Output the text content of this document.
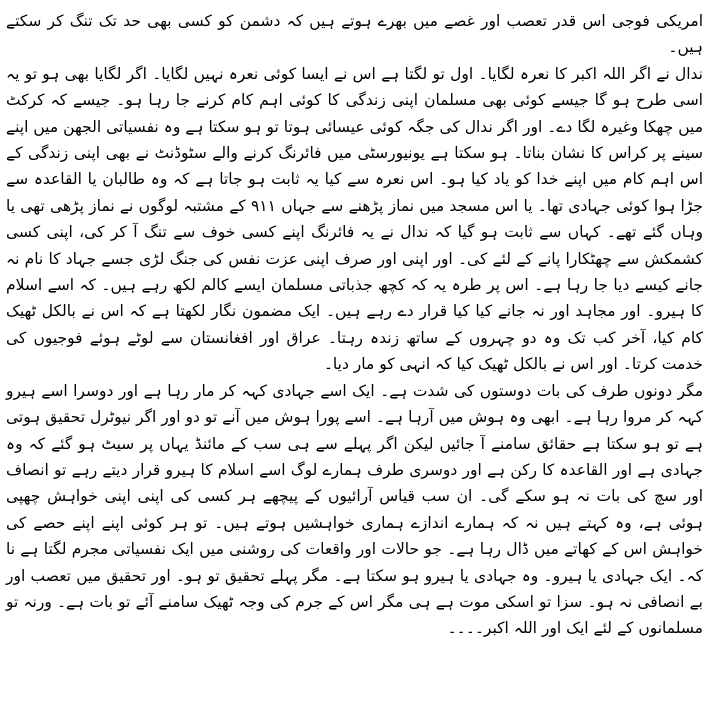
امریکی فوجی اس قدر تعصب اور غصے میں بھرے ہوتے ہیں کہ دشمن کو کسی بھی حد تک تنگ کر سکتے ہیں۔

ندال نے اگر اللہ اکبر کا نعرہ لگایا۔ اول تو لگتا ہے اس نے ایسا کوئی نعرہ نہیں لگایا۔ اگر لگایا بھی ہو تو یہ اسی طرح ہو گا جیسے کوئی بھی مسلمان اپنی زندگی کا کوئی اہم کام کرنے جا رہا ہو۔ جیسے کہ کرکٹ میں چھکا وغیرہ لگا دے۔ اور اگر ندال کی جگہ کوئی عیسائی ہوتا تو ہو سکتا ہے وہ نفسیاتی الجھن میں اپنے سینے پر کراس کا نشان بناتا۔ ہو سکتا ہے یونیورسٹی میں فائرنگ کرنے والے سٹوڈنٹ نے بھی اپنی زندگی کے اس اہم کام میں اپنے خدا کو یاد کیا ہو۔ اس نعرہ سے کیا یہ ثابت ہو جاتا ہے کہ وہ طالبان یا القاعدہ سے جڑا ہوا کوئی جہادی تھا۔ یا اس مسجد میں نماز پڑھنے سے جہاں ۹۱۱ کے مشتبہ لوگوں نے نماز پڑھی تھی یا وہاں گئے تھے۔ کہاں سے ثابت ہو گیا کہ ندال نے یہ فائرنگ اپنے کسی خوف سے تنگ آ کر کی، اپنی کسی کشمکش سے چھٹکارا پانے کے لئے کی۔ اور اپنی اور صرف اپنی عزت نفس کی جنگ لڑی جسے جہاد کا نام نہ جانے کیسے دیا جا رہا ہے۔ اس پر طرہ یہ کہ کچھ جذباتی مسلمان ایسے کالم لکھ رہے ہیں۔ کہ اسے اسلام کا ہیرو۔ اور مجاہد اور نہ جانے کیا کیا قرار دے رہے ہیں۔ ایک مضمون نگار لکھتا ہے کہ اس نے بالکل ٹھیک کام کیا، آخر کب تک وہ دو چہروں کے ساتھ زندہ رہتا۔ عراق اور افغانستان سے لوٹے ہوئے فوجیوں کی خدمت کرتا۔ اور اس نے بالکل ٹھیک کیا کہ انہی کو مار دیا۔

مگر دونوں طرف کی بات دوستوں کی شدت ہے۔ ایک اسے جہادی کہہ کر مار رہا ہے اور دوسرا اسے ہیرو کہہ کر مروا رہا ہے۔ ابھی وہ ہوش میں آرہا ہے۔ اسے پورا ہوش میں آنے تو دو اور اگر نیوٹرل تحقیق ہوتی ہے تو ہو سکتا ہے حقائق سامنے آ جائیں لیکن اگر پہلے سے ہی سب کے مائنڈ یہاں پر سیٹ ہو گئے کہ وہ جہادی ہے اور القاعدہ کا رکن ہے اور دوسری طرف ہمارے لوگ اسے اسلام کا ہیرو قرار دیتے رہے تو انصاف اور سچ کی بات نہ ہو سکے گی۔ ان سب قیاس آرائیوں کے پیچھے ہر کسی کی اپنی اپنی خواہش چھپی ہوئی ہے، وہ کہتے ہیں نہ کہ ہمارے اندازے ہماری خواہشیں ہوتے ہیں۔ تو ہر کوئی اپنے اپنے حصے کی خواہش اس کے کھاتے میں ڈال رہا ہے۔ جو حالات اور واقعات کی روشنی میں ایک نفسیاتی مجرم لگتا ہے نا کہ۔ ایک جہادی یا ہیرو۔ وہ جہادی یا ہیرو ہو سکتا ہے۔ مگر پہلے تحقیق تو ہو۔ اور تحقیق میں تعصب اور بے انصافی نہ ہو۔ سزا تو اسکی موت ہے ہی مگر اس کے جرم کی وجہ ٹھیک سامنے آئے تو بات ہے۔ ورنہ تو مسلمانوں کے لئے ایک اور اللہ اکبر۔۔۔۔
